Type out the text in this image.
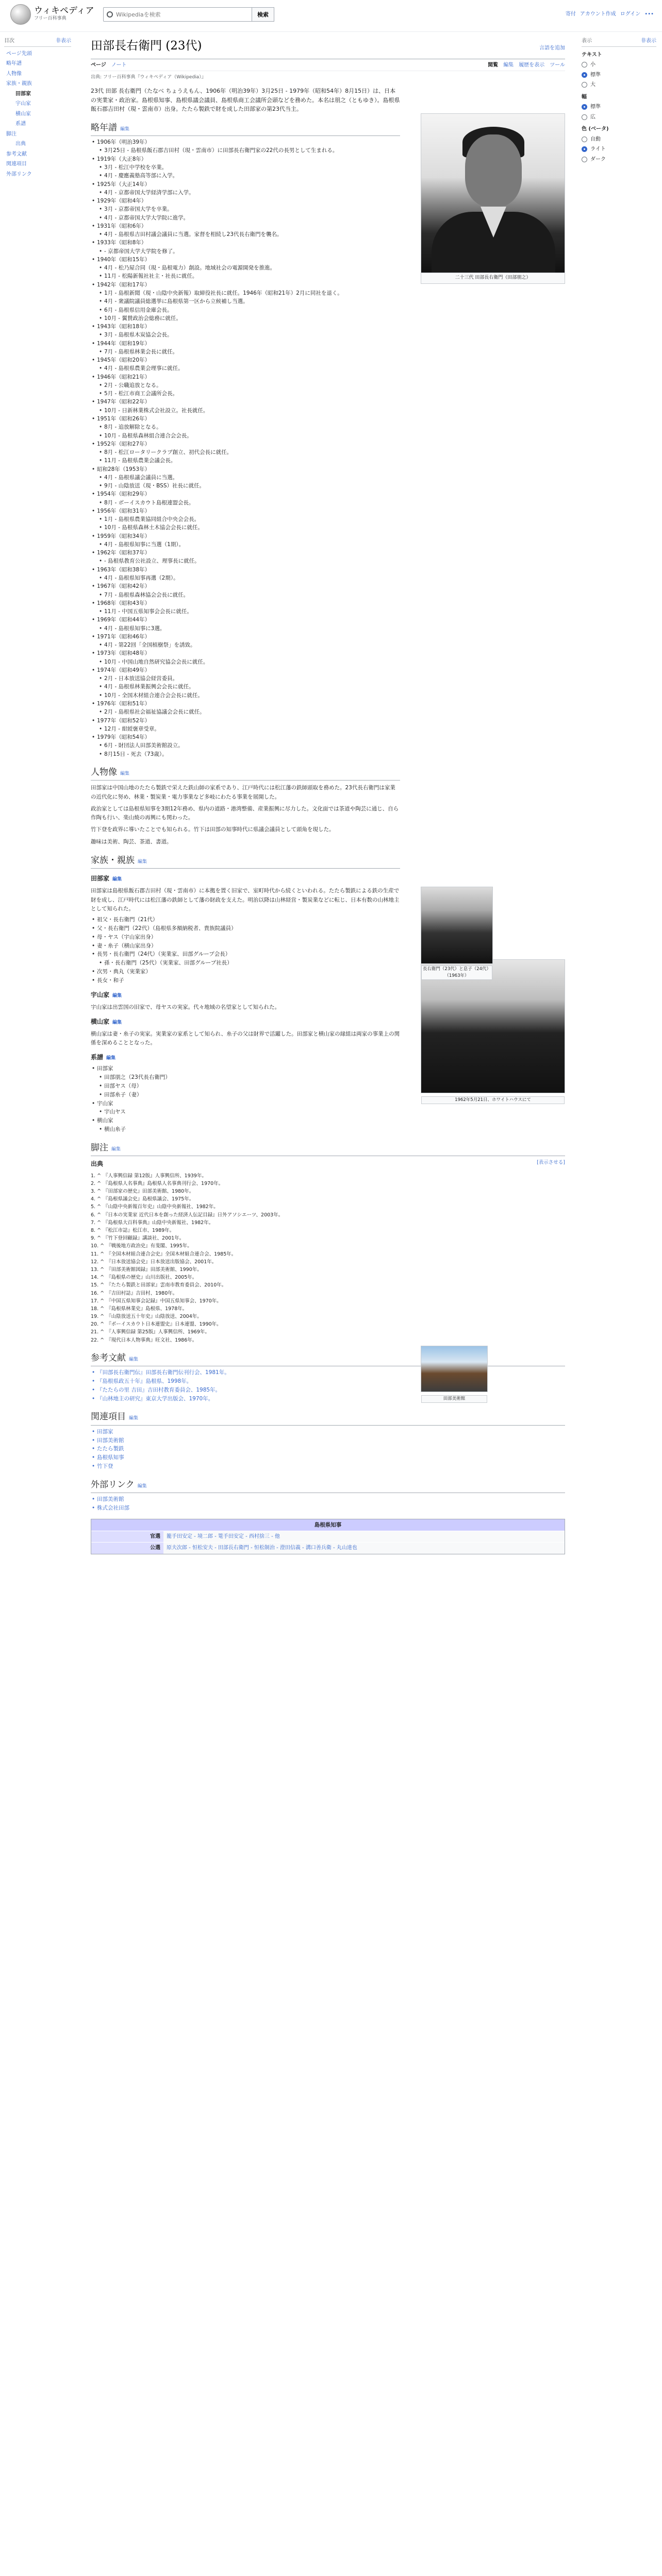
ウィキペディア
フリー百科事典
Wikipediaを検索
検索	寄付 アカウント作成 ログイン •••
目次	非表示
ページ先頭
略年譜
人物像
家族・親族
田部家
宇山家
横山家
系譜
脚注
出典
参考文献
関連項目
外部リンク
表示	非表示
テキスト
小
標準
大
幅
標準
広
色 (ベータ)
自動
ライト
ダーク
田部長右衛門 (23代)	言語を追加
ページ ノート	閲覧 編集 履歴を表示 ツール
出典: フリー百科事典『ウィキペディア（Wikipedia）』
二十三代 田部長右衛門（田部朋之）

23代 田部 長右衛門（たなべ ちょうえもん、1906年（明治39年）3月25日 - 1979年（昭和54年）8月15日）は、日本の実業家・政治家。島根県知事、島根県議会議員、島根県商工会議所会頭などを務めた。本名は朋之（ともゆき）。島根県飯石郡吉田村（現・雲南市）出身。たたら製鉄で財を成した田部家の第23代当主。

略年譜 編集
• 1906年（明治39年）
• 3月25日 - 島根県飯石郡吉田村（現・雲南市）に田部長右衛門家の22代の長男として生まれる。
• 1919年（大正8年）
• 3月 - 松江中学校を卒業。
• 4月 - 慶應義塾高等部に入学。
• 1925年（大正14年）
• 4月 - 京都帝国大学経済学部に入学。
• 1929年（昭和4年）
• 3月 - 京都帝国大学を卒業。
• 4月 - 京都帝国大学大学院に進学。
• 1931年（昭和6年）
• 4月 - 島根県吉田村議会議員に当選。家督を相続し23代長右衛門を襲名。
• 1933年（昭和8年）
• - 京都帝国大学大学院を修了。
• 1940年（昭和15年）
• 4月 - 松乃屋合同（現・島根電力）創設。地域社会の電源開発を推進。
• 11月 - 松陽新報社社主・社長に就任。
• 1942年（昭和17年）
• 1月 - 島根新聞（現・山陰中央新報）取締役社長に就任。1946年（昭和21年）2月に同社を退く。
• 4月 - 衆議院議員総選挙に島根県第一区から立候補し当選。
• 6月 - 島根県信用金庫会長。
• 10月 - 翼賛政治会総務に就任。
• 1943年（昭和18年）
• 3月 - 島根県木炭協会会長。
• 1944年（昭和19年）
• 7月 - 島根県林業会長に就任。
• 1945年（昭和20年）
• 4月 - 島根県農業会理事に就任。
• 1946年（昭和21年）
• 2月 - 公職追放となる。
• 5月 - 松江市商工会議所会長。
• 1947年（昭和22年）
• 10月 - 日新林業株式会社設立。社長就任。
• 1951年（昭和26年）
• 8月 - 追放解除となる。
• 10月 - 島根県森林組合連合会会長。
• 1952年（昭和27年）
• 8月 - 松江ロータリークラブ創立、初代会長に就任。
• 11月 - 島根県農業会議会長。
• 昭和28年（1953年）
• 4月 - 島根県議会議員に当選。
• 9月 - 山陰放送（現・BSS）社長に就任。
• 1954年（昭和29年）
• 8月 - ボーイスカウト島根連盟会長。
• 1956年（昭和31年）
• 1月 - 島根県農業協同組合中央会会長。
• 10月 - 島根県森林土木協会会長に就任。
• 1959年（昭和34年）
• 4月 - 島根県知事に当選（1期）。
• 1962年（昭和37年）
• - 島根県教育公社設立、理事長に就任。
• 1963年（昭和38年）
• 4月 - 島根県知事再選（2期）。
• 1967年（昭和42年）
• 7月 - 島根県森林協会会長に就任。
• 1968年（昭和43年）
• 11月 - 中国五県知事会会長に就任。
• 1969年（昭和44年）
• 4月 - 島根県知事に3選。
• 1971年（昭和46年）
• 4月 - 第22回「全国植樹祭」を誘致。
• 1973年（昭和48年）
• 10月 - 中国山地自然研究協会会長に就任。
• 1974年（昭和49年）
• 2月 - 日本放送協会経営委員。
• 4月 - 島根県林業振興会会長に就任。
• 10月 - 全国木材組合連合会会長に就任。
• 1976年（昭和51年）
• 2月 - 島根県社会福祉協議会会長に就任。
• 1977年（昭和52年）
• 12月 - 紺綬褒章受章。
• 1979年（昭和54年）
• 6月 - 財団法人田部美術館設立。
• 8月15日 - 死去（73歳）。
1962年5月21日、ホワイトハウスにて
田部美術館
人物像 編集

田部家は中国山地のたたら製鉄で栄えた鉄山師の家系であり、江戸時代には松江藩の鉄師頭取を務めた。23代長右衛門は家業の近代化に努め、林業・製炭業・電力事業など多岐にわたる事業を展開した。

政治家としては島根県知事を3期12年務め、県内の道路・港湾整備、産業振興に尽力した。文化面では茶道や陶芸に通じ、自ら作陶も行い、楽山焼の再興にも関わった。

竹下登を政界に導いたことでも知られる。竹下は田部の知事時代に県議会議員として頭角を現した。

趣味は美術、陶芸、茶道、書道。

家族・親族 編集
田部家 編集

田部家は島根県飯石郡吉田村（現・雲南市）に本拠を置く旧家で、室町時代から続くといわれる。たたら製鉄による鉄の生産で財を成し、江戸時代には松江藩の鉄師として藩の財政を支えた。明治以降は山林経営・製炭業などに転じ、日本有数の山林地主として知られた。

長右衛門（23代）と息子（24代）（1963年）
• 祖父・長右衛門（21代）
• 父・長右衛門（22代）（島根県多額納税者、貴族院議員）
• 母・ヤス（宇山家出身）
• 妻・糸子（横山家出身）
• 長男・長右衛門（24代）（実業家、田部グループ会長）
• 孫・長右衛門（25代）（実業家、田部グループ社長）
• 次男・典丸（実業家）
• 長女・和子
宇山家 編集

宇山家は出雲国の旧家で、母ヤスの実家。代々地域の名望家として知られた。

横山家 編集

横山家は妻・糸子の実家。実業家の家系として知られ、糸子の父は財界で活躍した。田部家と横山家の縁組は両家の事業上の関係を深めることとなった。

系譜 編集
• 田部家
• 田部朋之（23代長右衛門）
• 田部ヤス（母）
• 田部糸子（妻）
• 宇山家
• 宇山ヤス
• 横山家
• 横山糸子
脚注 編集
出典	[表示させる]
1. ^ 『人事興信録 第12版』人事興信所、1939年。
2. ^ 『島根県人名事典』島根県人名事典刊行会、1970年。
3. ^ 『田部家の歴史』田部美術館、1980年。
4. ^ 『島根県議会史』島根県議会、1975年。
5. ^ 『山陰中央新報百年史』山陰中央新報社、1982年。
6. ^ 『日本の実業家 近代日本を創った経済人伝記目録』日外アソシエーツ、2003年。
7. ^ 『島根県大百科事典』山陰中央新報社、1982年。
8. ^ 『松江市誌』松江市、1989年。
9. ^ 『竹下登回顧録』講談社、2001年。
10. ^ 『戦後地方政治史』有斐閣、1995年。
11. ^ 『全国木材組合連合会史』全国木材組合連合会、1985年。
12. ^ 『日本放送協会史』日本放送出版協会、2001年。
13. ^ 『田部美術館図録』田部美術館、1990年。
14. ^ 『島根県の歴史』山川出版社、2005年。
15. ^ 『たたら製鉄と田部家』雲南市教育委員会、2010年。
16. ^ 『吉田村誌』吉田村、1980年。
17. ^ 『中国五県知事会記録』中国五県知事会、1970年。
18. ^ 『島根県林業史』島根県、1978年。
19. ^ 『山陰放送五十年史』山陰放送、2004年。
20. ^ 『ボーイスカウト日本連盟史』日本連盟、1990年。
21. ^ 『人事興信録 第25版』人事興信所、1969年。
22. ^ 『現代日本人物事典』旺文社、1986年。
参考文献 編集
• 『田部長右衛門伝』田部長右衛門伝刊行会、1981年。
• 『島根県政五十年』島根県、1998年。
• 『たたらの里 吉田』吉田村教育委員会、1985年。
• 『山林地主の研究』東京大学出版会、1970年。
関連項目 編集
• 田部家
• 田部美術館
• たたら製鉄
• 島根県知事
• 竹下登
外部リンク 編集
• 田部美術館
• 株式会社田部
島根県知事
官選	籠手田安定 - 境二郎 - 篭手田安定 - 西村捨三 - 他
公選	原夫次郎 - 恒松安夫 - 田部長右衛門 - 恒松制治 - 澄田信義 - 溝口善兵衛 - 丸山達也
